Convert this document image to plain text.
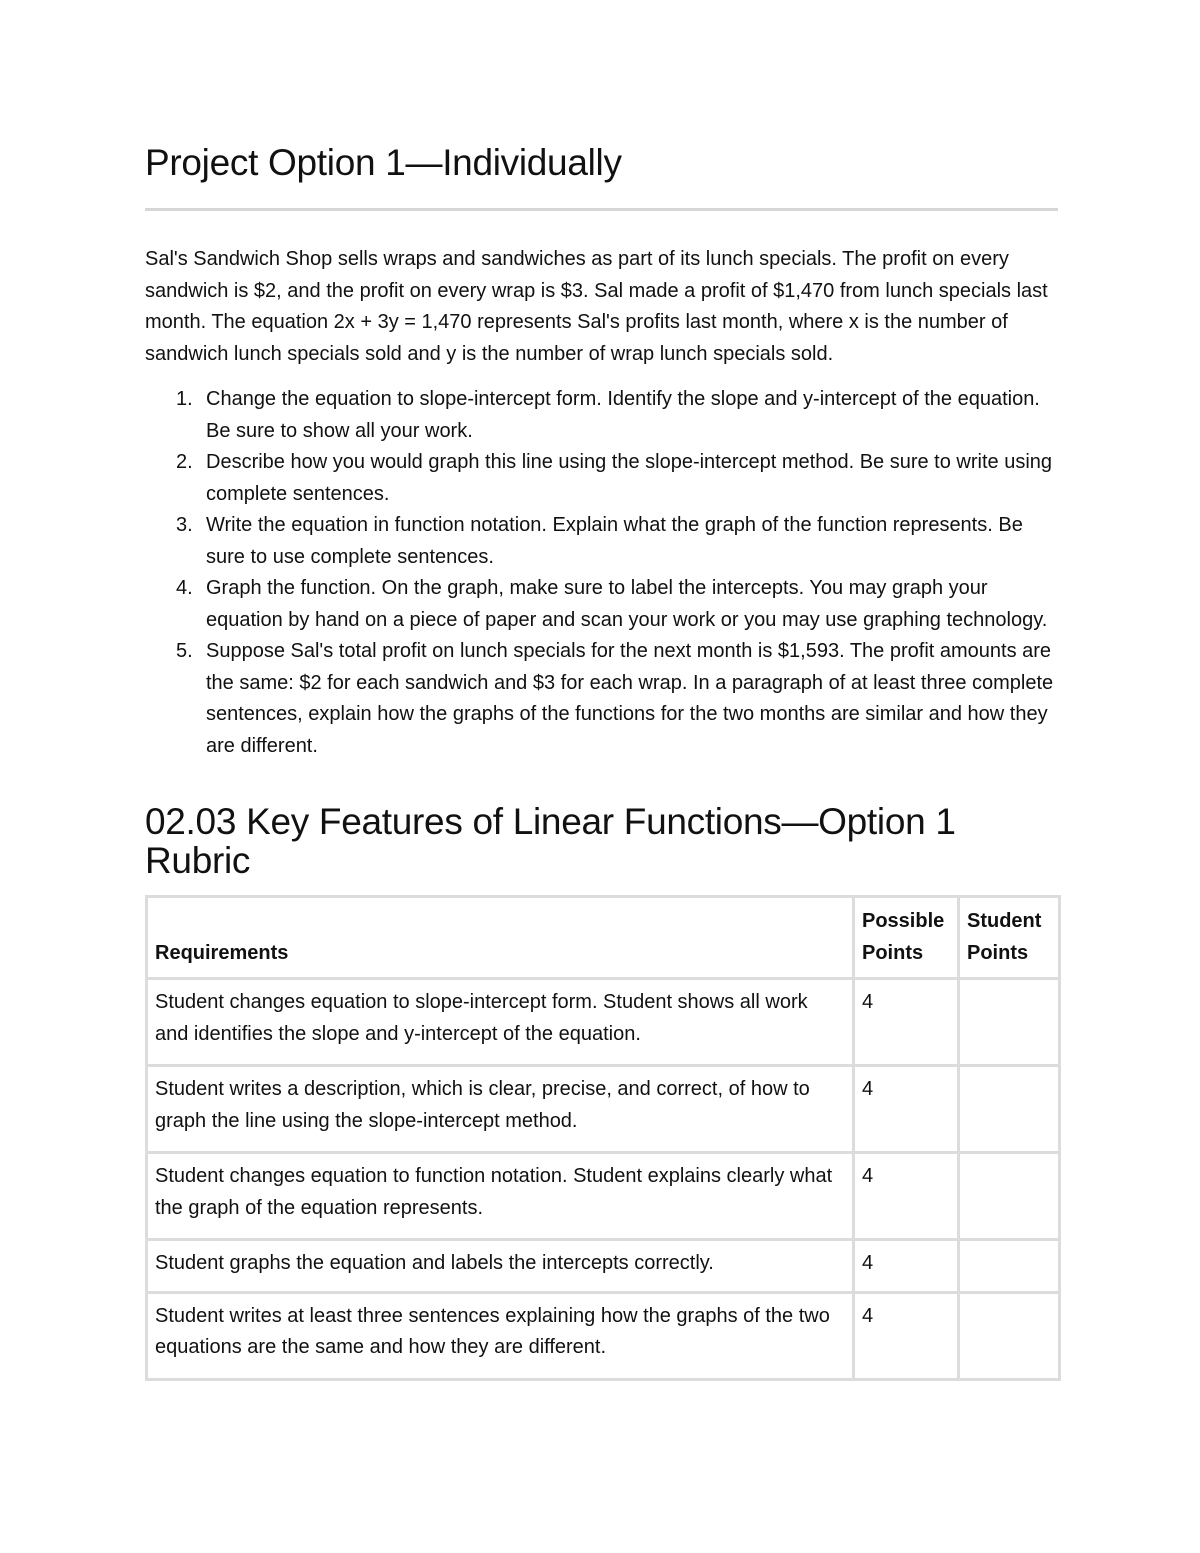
Project Option 1—Individually

Sal's Sandwich Shop sells wraps and sandwiches as part of its lunch specials. The profit on every sandwich is $2, and the profit on every wrap is $3. Sal made a profit of $1,470 from lunch specials last month. The equation 2x + 3y = 1,470 represents Sal's profits last month, where x is the number of sandwich lunch specials sold and y is the number of wrap lunch specials sold.

1. Change the equation to slope-intercept form. Identify the slope and y-intercept of the equation. Be sure to show all your work.
2. Describe how you would graph this line using the slope-intercept method. Be sure to write using complete sentences.
3. Write the equation in function notation. Explain what the graph of the function represents. Be sure to use complete sentences.
4. Graph the function. On the graph, make sure to label the intercepts. You may graph your equation by hand on a piece of paper and scan your work or you may use graphing technology.
5. Suppose Sal's total profit on lunch specials for the next month is $1,593. The profit amounts are the same: $2 for each sandwich and $3 for each wrap. In a paragraph of at least three complete sentences, explain how the graphs of the functions for the two months are similar and how they are different.
02.03 Key Features of Linear Functions—Option 1 Rubric
Requirements	Possible Points	Student Points
Student changes equation to slope-intercept form. Student shows all work and identifies the slope and y-intercept of the equation.	4	
Student writes a description, which is clear, precise, and correct, of how to graph the line using the slope-intercept method.	4	
Student changes equation to function notation. Student explains clearly what the graph of the equation represents.	4	
Student graphs the equation and labels the intercepts correctly.	4	
Student writes at least three sentences explaining how the graphs of the two equations are the same and how they are different.	4	
